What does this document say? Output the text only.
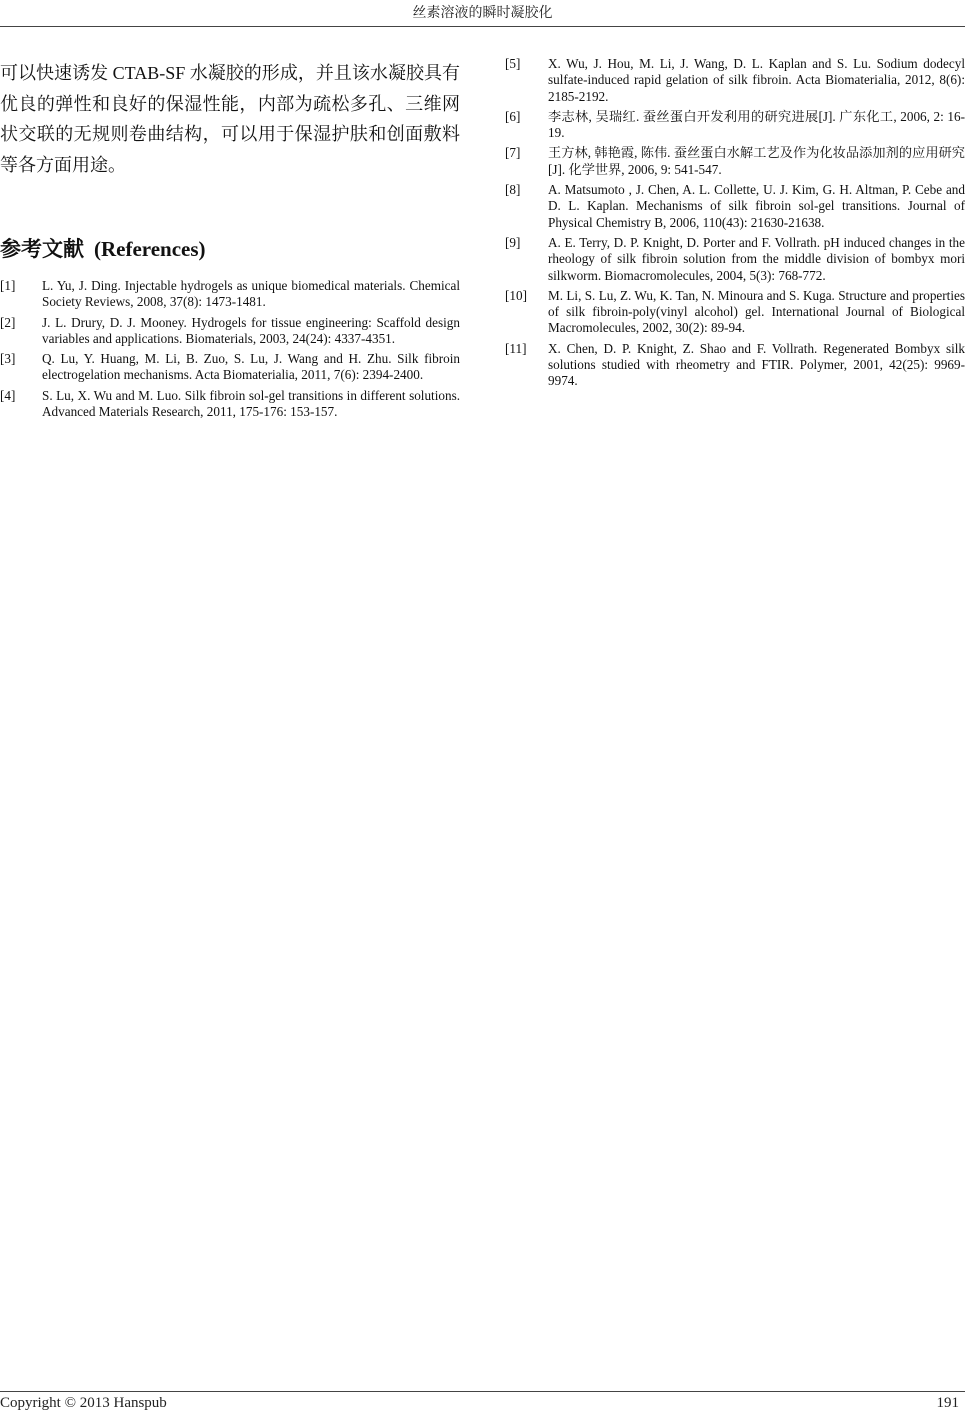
丝素溶液的瞬时凝胶化

可以快速诱发 CTAB-SF 水凝胶的形成，并且该水凝胶具有优良的弹性和良好的保湿性能，内部为疏松多孔、三维网状交联的无规则卷曲结构，可以用于保湿护肤和创面敷料等各方面用途。

参考文献 (References)
[1] L. Yu, J. Ding. Injectable hydrogels as unique biomedical materials. Chemical Society Reviews, 2008, 37(8): 1473-1481.
[2] J. L. Drury, D. J. Mooney. Hydrogels for tissue engineering: Scaffold design variables and applications. Biomaterials, 2003, 24(24): 4337-4351.
[3] Q. Lu, Y. Huang, M. Li, B. Zuo, S. Lu, J. Wang and H. Zhu. Silk fibroin electrogelation mechanisms. Acta Biomaterialia, 2011, 7(6): 2394-2400.
[4] S. Lu, X. Wu and M. Luo. Silk fibroin sol-gel transitions in different solutions. Advanced Materials Research, 2011, 175-176: 153-157.
[5] X. Wu, J. Hou, M. Li, J. Wang, D. L. Kaplan and S. Lu. Sodium dodecyl sulfate-induced rapid gelation of silk fibroin. Acta Biomaterialia, 2012, 8(6): 2185-2192.
[6] 李志林, 吴瑞红. 蚕丝蛋白开发利用的研究进展[J]. 广东化工, 2006, 2: 16-19.
[7] 王方林, 韩艳霞, 陈伟. 蚕丝蛋白水解工艺及作为化妆品添加剂的应用研究[J]. 化学世界, 2006, 9: 541-547.
[8] A. Matsumoto , J. Chen, A. L. Collette, U. J. Kim, G. H. Altman, P. Cebe and D. L. Kaplan. Mechanisms of silk fibroin sol-gel transitions. Journal of Physical Chemistry B, 2006, 110(43): 21630-21638.
[9] A. E. Terry, D. P. Knight, D. Porter and F. Vollrath. pH induced changes in the rheology of silk fibroin solution from the middle division of bombyx mori silkworm. Biomacromolecules, 2004, 5(3): 768-772.
[10] M. Li, S. Lu, Z. Wu, K. Tan, N. Minoura and S. Kuga. Structure and properties of silk fibroin-poly(vinyl alcohol) gel. International Journal of Biological Macromolecules, 2002, 30(2): 89-94.
[11] X. Chen, D. P. Knight, Z. Shao and F. Vollrath. Regenerated Bombyx silk solutions studied with rheometry and FTIR. Polymer, 2001, 42(25): 9969-9974.
Copyright © 2013 Hanspub	191
